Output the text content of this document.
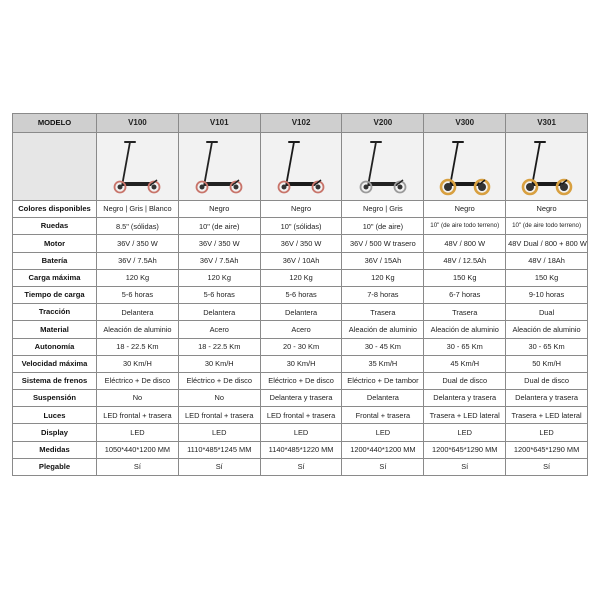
MODELO	V100	V101	V102	V200	V300	V301

Colores disponibles	Negro | Gris | Blanco	Negro	Negro	Negro | Gris	Negro	Negro
Ruedas	8.5" (sólidas)	10" (de aire)	10" (sólidas)	10" (de aire)	10" (de aire todo terreno)	10" (de aire todo terreno)
Motor	36V / 350 W	36V / 350 W	36V / 350 W	36V / 500 W trasero	48V / 800 W	48V Dual / 800 + 800 W
Batería	36V / 7.5Ah	36V / 7.5Ah	36V / 10Ah	36V / 15Ah	48V / 12.5Ah	48V / 18Ah
Carga máxima	120 Kg	120 Kg	120 Kg	120 Kg	150 Kg	150 Kg
Tiempo de carga	5-6 horas	5-6 horas	5-6 horas	7-8 horas	6-7 horas	9-10 horas
Tracción	Delantera	Delantera	Delantera	Trasera	Trasera	Dual
Material	Aleación de aluminio	Acero	Acero	Aleación de aluminio	Aleación de aluminio	Aleación de aluminio
Autonomía	18 - 22.5 Km	18 - 22.5 Km	20 - 30 Km	30 - 45 Km	30 - 65 Km	30 - 65 Km
Velocidad máxima	30 Km/H	30 Km/H	30 Km/H	35 Km/H	45 Km/H	50 Km/H
Sistema de frenos	Eléctrico + De disco	Eléctrico + De disco	Eléctrico + De disco	Eléctrico + De tambor	Dual de disco	Dual de disco
Suspensión	No	No	Delantera y trasera	Delantera	Delantera y trasera	Delantera y trasera
Luces	LED frontal + trasera	LED frontal + trasera	LED frontal + trasera	Frontal + trasera	Trasera + LED lateral	Trasera + LED lateral
Display	LED	LED	LED	LED	LED	LED
Medidas	1050*440*1200 MM	1110*485*1245 MM	1140*485*1220 MM	1200*440*1200 MM	1200*645*1290 MM	1200*645*1290 MM
Plegable	Sí	Sí	Sí	Sí	Sí	Sí
